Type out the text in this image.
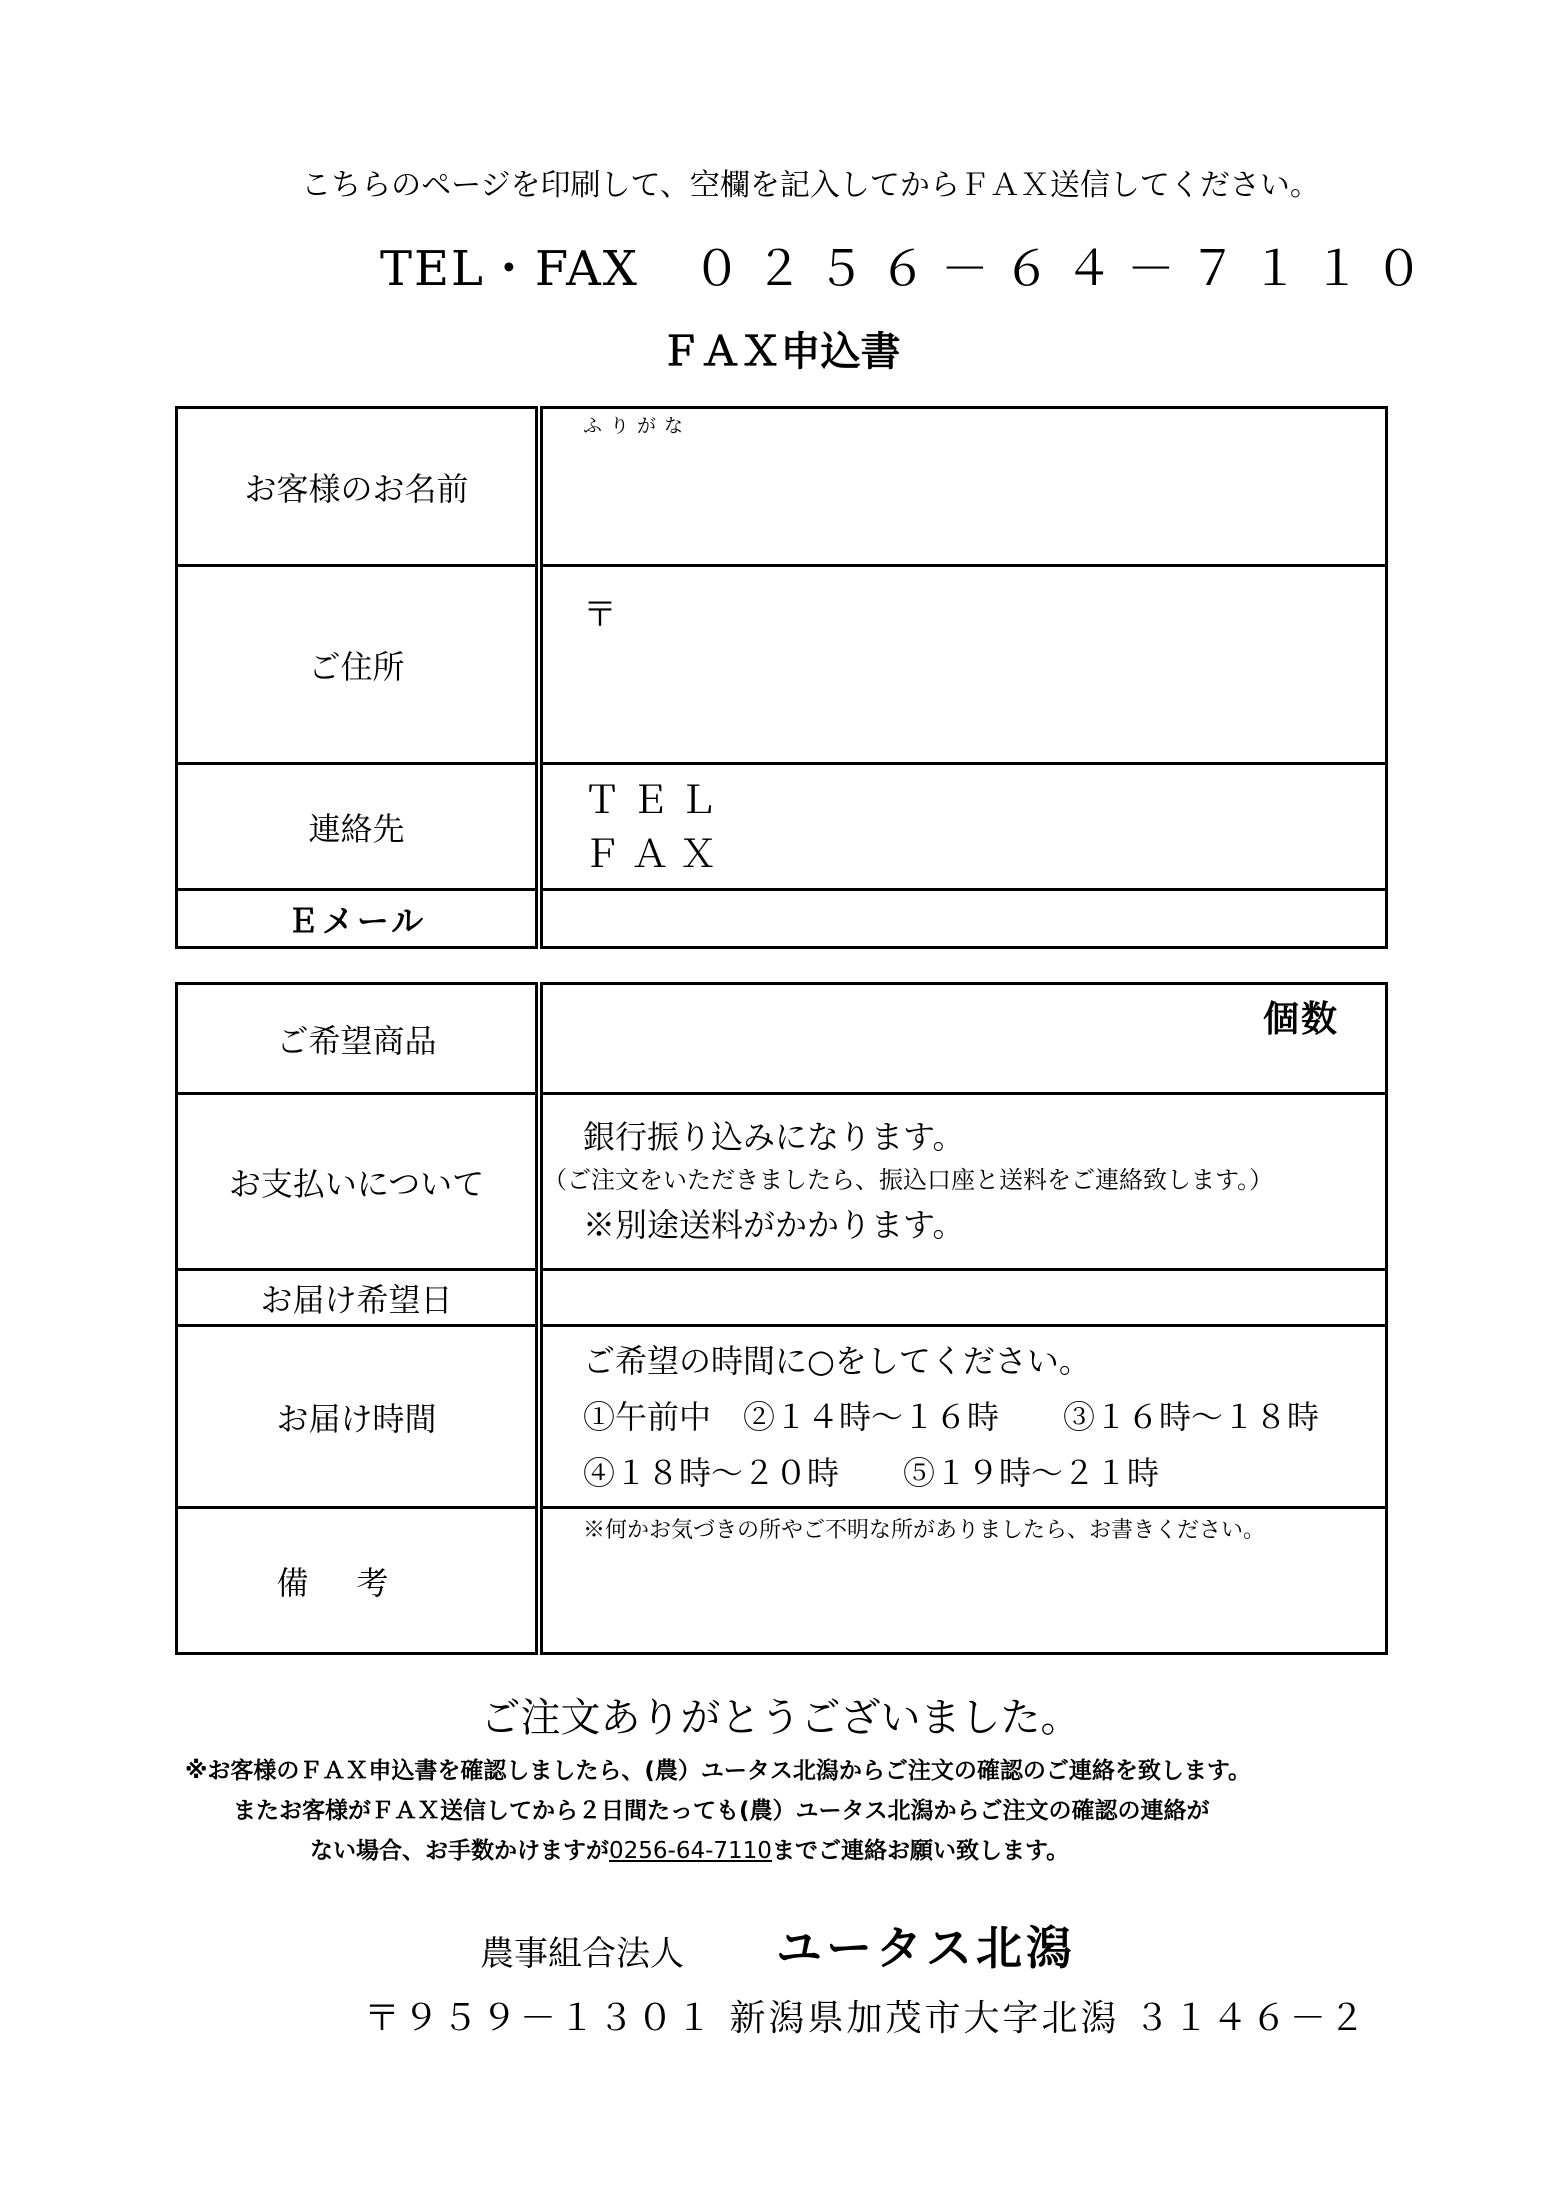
こちらのページを印刷して、空欄を記入してからＦＡＸ送信してください。
TEL・FAX ０２５６－６４－７１１０
ＦＡＸ申込書
お客様のお名前	ふりがな

ご住所	〒

連絡先	ＴＥＬ
ＦＡＸ

Ｅメール	
ご希望商品	個数

お支払いについて	銀行振り込みになります。
（ご注文をいただきましたら、振込口座と送料をご連絡致します。）
※別途送料がかかります。

お届け希望日	
お届け時間	ご希望の時間に○をしてください。
①午前中　②１４時～１６時　　③１６時～１８時
④１８時～２０時　　⑤１９時～２１時

備考	※何かお気づきの所やご不明な所がありましたら、お書きください。
ご注文ありがとうございました。
※お客様のＦＡＸ申込書を確認しましたら、(農）ユータス北潟からご注文の確認のご連絡を致します。
またお客様がＦＡＸ送信してから２日間たっても(農）ユータス北潟からご注文の確認の連絡が
ない場合、お手数かけますが0256-64-7110までご連絡お願い致します。
農事組合法人 ユータス北潟
〒９５９－１３０１ 新潟県加茂市大字北潟 ３１４６－２
